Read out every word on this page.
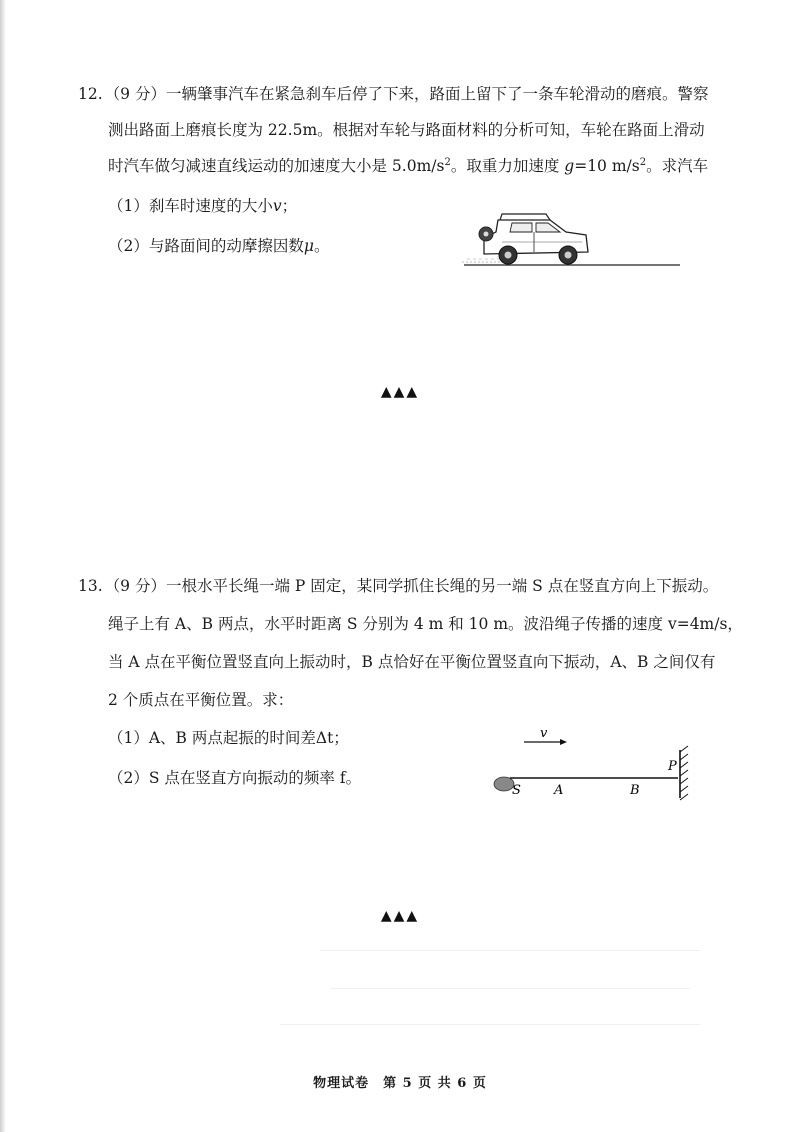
12. （9 分）一辆肇事汽车在紧急刹车后停了下来，路面上留下了一条车轮滑动的磨痕。警察
测出路面上磨痕长度为 22.5m。根据对车轮与路面材料的分析可知，车轮在路面上滑动
时汽车做匀减速直线运动的加速度大小是 $5.0m/s^2$。取重力加速度 g=10 $m/s^2$。求汽车
（1）刹车时速度的大小v；
（2）与路面间的动摩擦因数μ。
▲▲▲
13. （9 分）一根水平长绳一端 P 固定，某同学抓住长绳的另一端 S 点在竖直方向上下振动。
绳子上有 A、B 两点，水平时距离 S 分别为 4 m 和 10 m。波沿绳子传播的速度 v=4m/s，
当 A 点在平衡位置竖直向上振动时，B 点恰好在平衡位置竖直向下振动，A、B 之间仅有
2 个质点在平衡位置。求：
（1）A、B 两点起振的时间差Δt；
（2）S 点在竖直方向振动的频率 f。
v
S	A	B
P
▲▲▲
物理试卷　第 5 页 共 6 页
